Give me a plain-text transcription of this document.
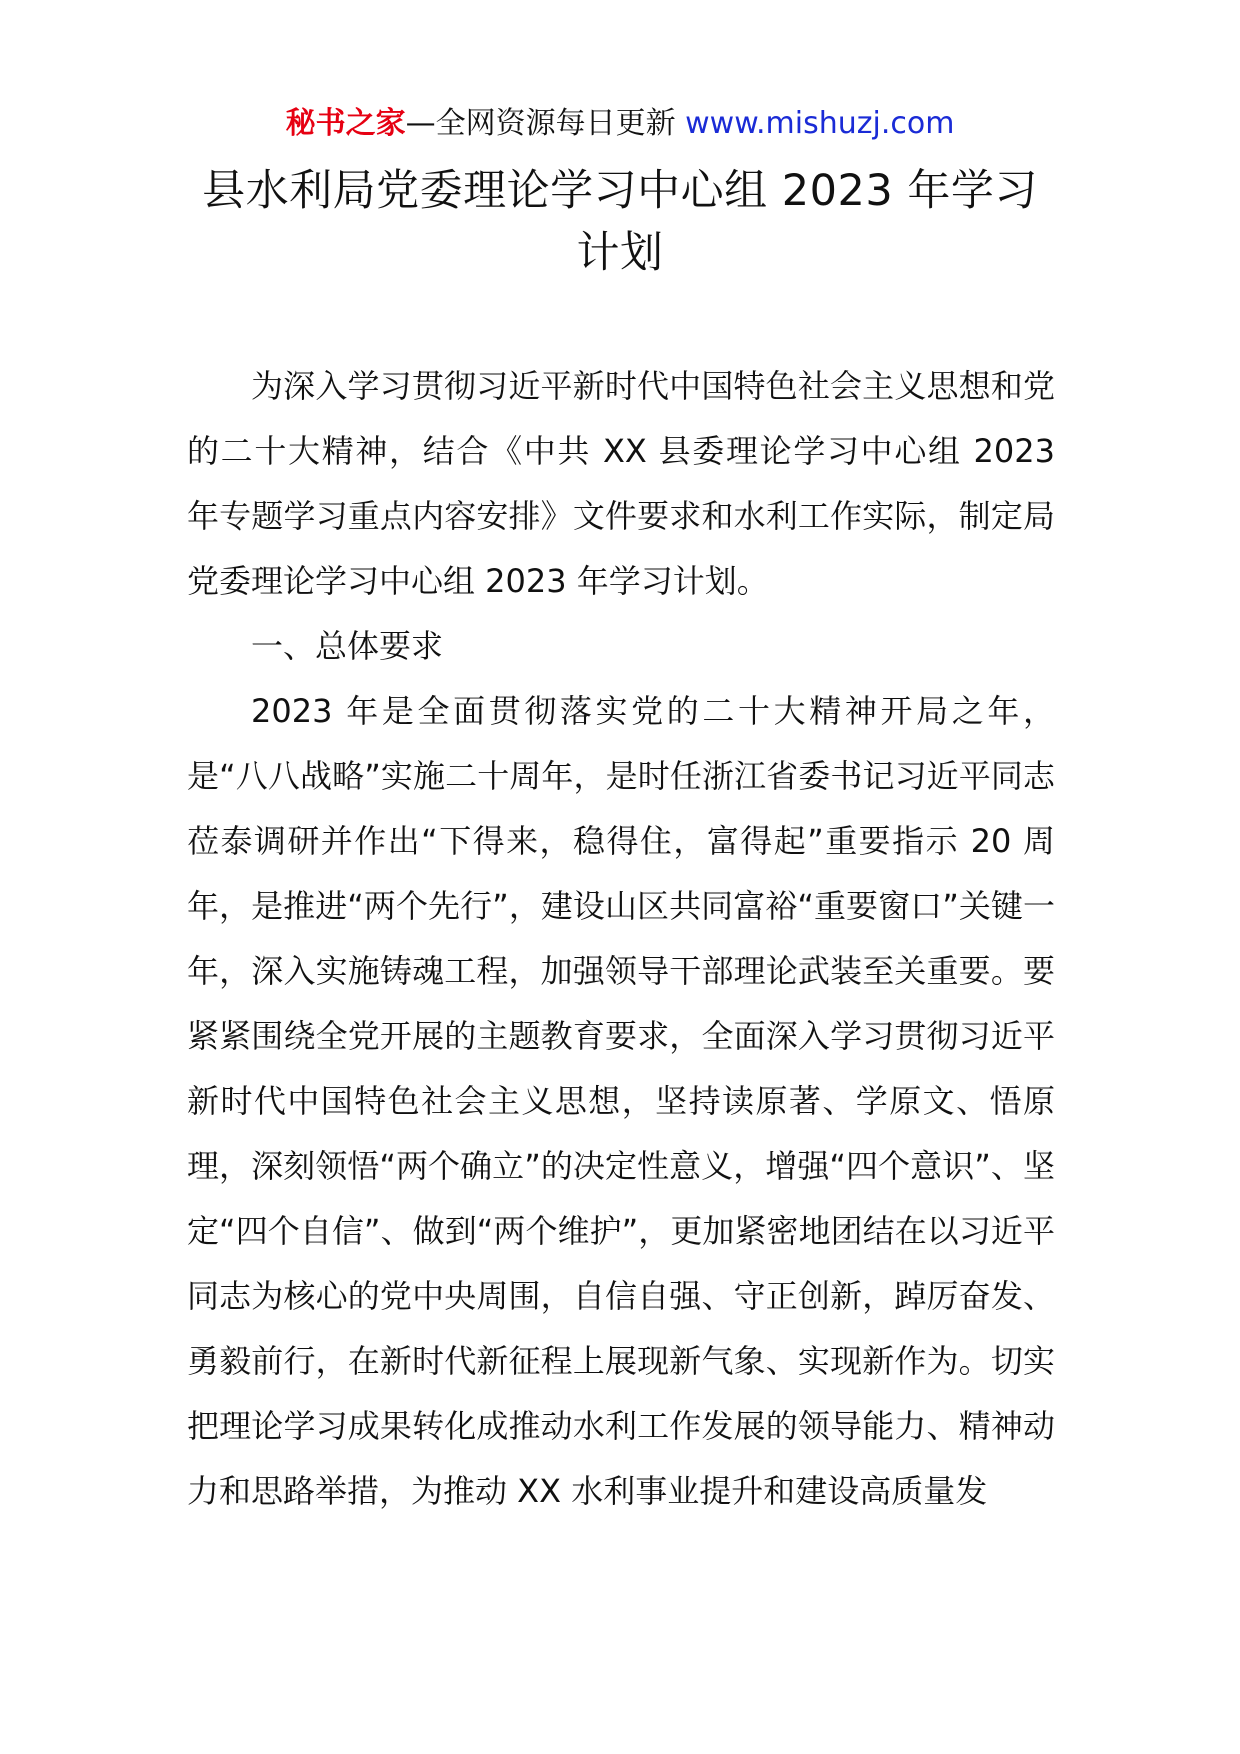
秘书之家—全网资源每日更新 www.mishuzj.com
县水利局党委理论学习中心组 2023 年学习计划

为深入学习贯彻习近平新时代中国特色社会主义思想和党的二十大精神，结合《中共 XX 县委理论学习中心组 2023 年专题学习重点内容安排》文件要求和水利工作实际，制定局党委理论学习中心组 2023 年学习计划。

一、总体要求

2023 年是全面贯彻落实党的二十大精神开局之年，是“八八战略”实施二十周年，是时任浙江省委书记习近平同志莅泰调研并作出“下得来，稳得住，富得起”重要指示 20 周年，是推进“两个先行”，建设山区共同富裕“重要窗口”关键一年，深入实施铸魂工程，加强领导干部理论武装至关重要。要紧紧围绕全党开展的主题教育要求，全面深入学习贯彻习近平新时代中国特色社会主义思想，坚持读原著、学原文、悟原理，深刻领悟“两个确立”的决定性意义，增强“四个意识”、坚定“四个自信”、做到“两个维护”，更加紧密地团结在以习近平同志为核心的党中央周围，自信自强、守正创新，踔厉奋发、勇毅前行，在新时代新征程上展现新气象、实现新作为。切实把理论学习成果转化成推动水利工作发展的领导能力、精神动力和思路举措，为推动 XX 水利事业提升和建设高质量发
